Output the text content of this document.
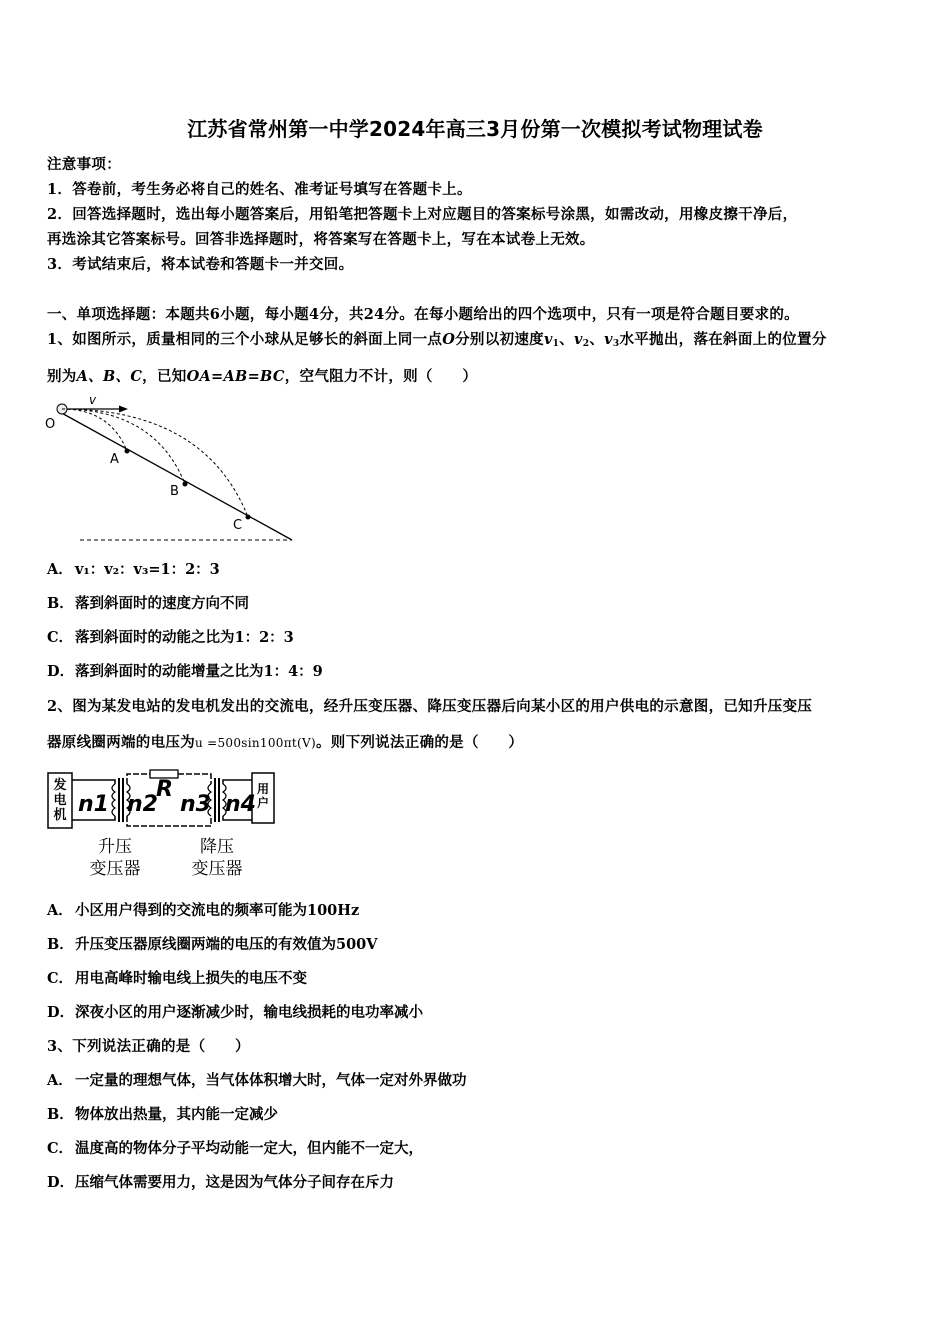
江苏省常州第一中学2024年高三3月份第一次模拟考试物理试卷
注意事项：
1．答卷前，考生务必将自己的姓名、准考证号填写在答题卡上。
2．回答选择题时，选出每小题答案后，用铅笔把答题卡上对应题目的答案标号涂黑，如需改动，用橡皮擦干净后，
再选涂其它答案标号。回答非选择题时，将答案写在答题卡上，写在本试卷上无效。
3．考试结束后，将本试卷和答题卡一并交回。
一、单项选择题：本题共6小题，每小题4分，共24分。在每小题给出的四个选项中，只有一项是符合题目要求的。
1、如图所示，质量相同的三个小球从足够长的斜面上同一点O分别以初速度$v_1$、$v_2$、$v_3$水平抛出，落在斜面上的位置分
别为A、B、C，已知OA=AB=BC，空气阻力不计，则（　　）
v
O
A
B
C
A． v₁：v₂：v₃=1：2：3
B．落到斜面时的速度方向不同
C． 落到斜面时的动能之比为1：2：3
D．落到斜面时的动能增量之比为1：4：9
2、图为某发电站的发电机发出的交流电，经升压变压器、降压变压器后向某小区的用户供电的示意图，已知升压变压
器原线圈两端的电压为u =500sin100πt(V)。则下列说法正确的是（　　）
发电机 n1
R
n2 n3 n4
用户
升压
变压器
降压
变压器
A． 小区用户得到的交流电的频率可能为100Hz
B．升压变压器原线圈两端的电压的有效值为500V
C． 用电高峰时输电线上损失的电压不变
D．深夜小区的用户逐渐减少时，输电线损耗的电功率减小
3、下列说法正确的是（　　）
A． 一定量的理想气体，当气体体积增大时，气体一定对外界做功
B．物体放出热量，其内能一定减少
C． 温度高的物体分子平均动能一定大，但内能不一定大，
D．压缩气体需要用力，这是因为气体分子间存在斥力
